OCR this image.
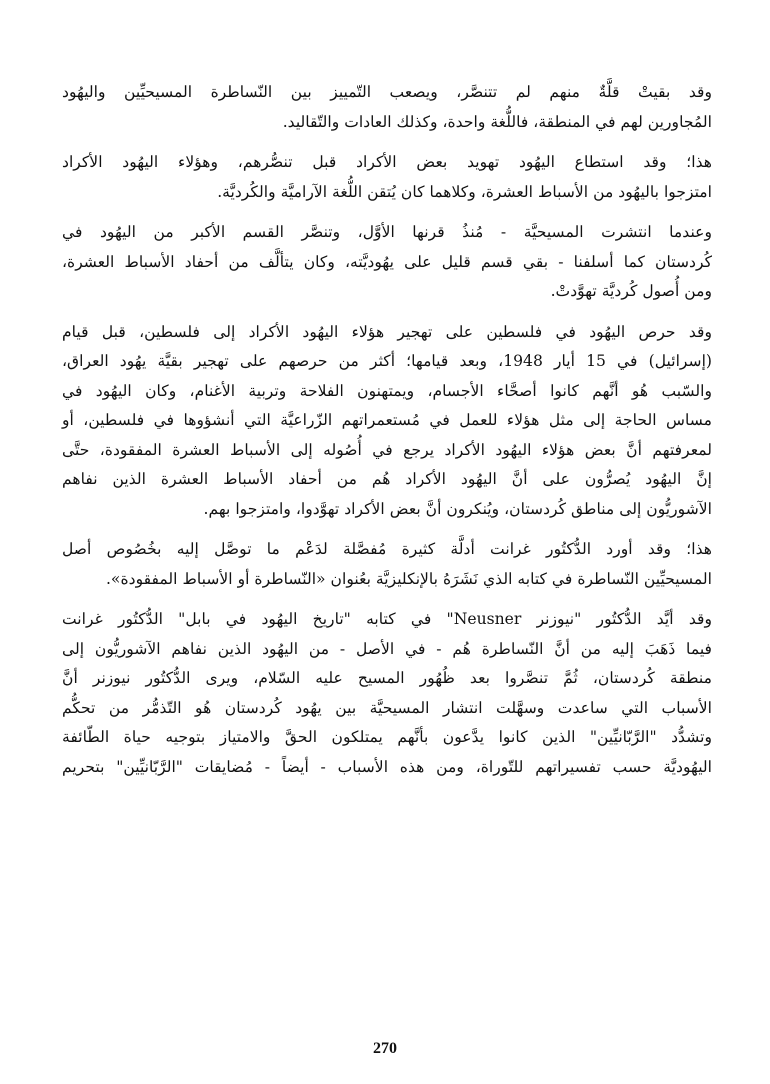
وقد بقيتْ قلَّةٌ منهم لم تتنصَّر، ويصعب التّمييز بين النّساطرة المسيحيِّين واليهُود
المُجاورين لهم في المنطقة، فاللُّغة واحدة، وكذلك العادات والتّقاليد.

هذا؛ وقد استطاع اليهُود تهويد بعض الأكراد قبل تنصُّرهم، وهؤلاء اليهُود الأكراد
امتزجوا باليهُود من الأسباط العشرة، وكلاهما كان يُتقن اللُّغة الآراميَّة والكُرديَّة.

وعندما انتشرت المسيحيَّة - مُنذُ قرنها الأوَّل، وتنصَّر القسم الأكبر من اليهُود في
كُردستان كما أسلفنا - بقي قسم قليل على يهُوديَّته، وكان يتألَّف من أحفاد الأسباط العشرة،
ومن أُصول كُرديَّة تهوَّدتْ.

وقد حرص اليهُود في فلسطين على تهجير هؤلاء اليهُود الأكراد إلى فلسطين، قبل قيام
(إسرائيل) في 15 أيار 1948، وبعد قيامها؛ أكثر من حرصهم على تهجير بقيَّة يهُود العراق،
والسّبب هُو أنَّهم كانوا أصحَّاء الأجسام، ويمتهنون الفلاحة وتربية الأغنام، وكان اليهُود في
مساس الحاجة إلى مثل هؤلاء للعمل في مُستعمراتهم الزّراعيَّة التي أنشؤوها في فلسطين، أو
لمعرفتهم أنَّ بعض هؤلاء اليهُود الأكراد يرجع في أُصُوله إلى الأسباط العشرة المفقودة، حتَّى
إنَّ اليهُود يُصرُّون على أنَّ اليهُود الأكراد هُم من أحفاد الأسباط العشرة الذين نفاهم
الآشوريُّون إلى مناطق كُردستان، ويُنكرون أنَّ بعض الأكراد تهوَّدوا، وامتزجوا بهم.

هذا؛ وقد أورد الدُّكتُور غرانت أدلَّة كثيرة مُفصَّلة لدَعْم ما توصَّل إليه بخُصُوص أصل
المسيحيِّين النّساطرة في كتابه الذي نَشَرَهُ بالإنكليزيَّة بعُنوان «النّساطرة أو الأسباط المفقودة».

وقد أيَّد الدُّكتُور "نيوزنر Neusner" في كتابه "تاريخ اليهُود في بابل" الدُّكتُور غرانت
فيما ذَهَبَ إليه من أنَّ النّساطرة هُم - في الأصل - من اليهُود الذين نفاهم الآشوريُّون إلى
منطقة كُردستان، ثُمَّ تنصَّروا بعد ظُهُور المسيح عليه السّلام، ويرى الدُّكتُور نيوزنر أنَّ
الأسباب التي ساعدت وسهَّلت انتشار المسيحيَّة بين يهُود كُردستان هُو التّذمُّر من تحكُّم
وتشدُّد "الرَّبّانيِّين" الذين كانوا يدَّعون بأنَّهم يمتلكون الحقَّ والامتياز بتوجيه حياة الطّائفة
اليهُوديَّة حسب تفسيراتهم للتّوراة، ومن هذه الأسباب - أيضاً - مُضايقات "الرَّبّانيِّين" بتحريم

270
